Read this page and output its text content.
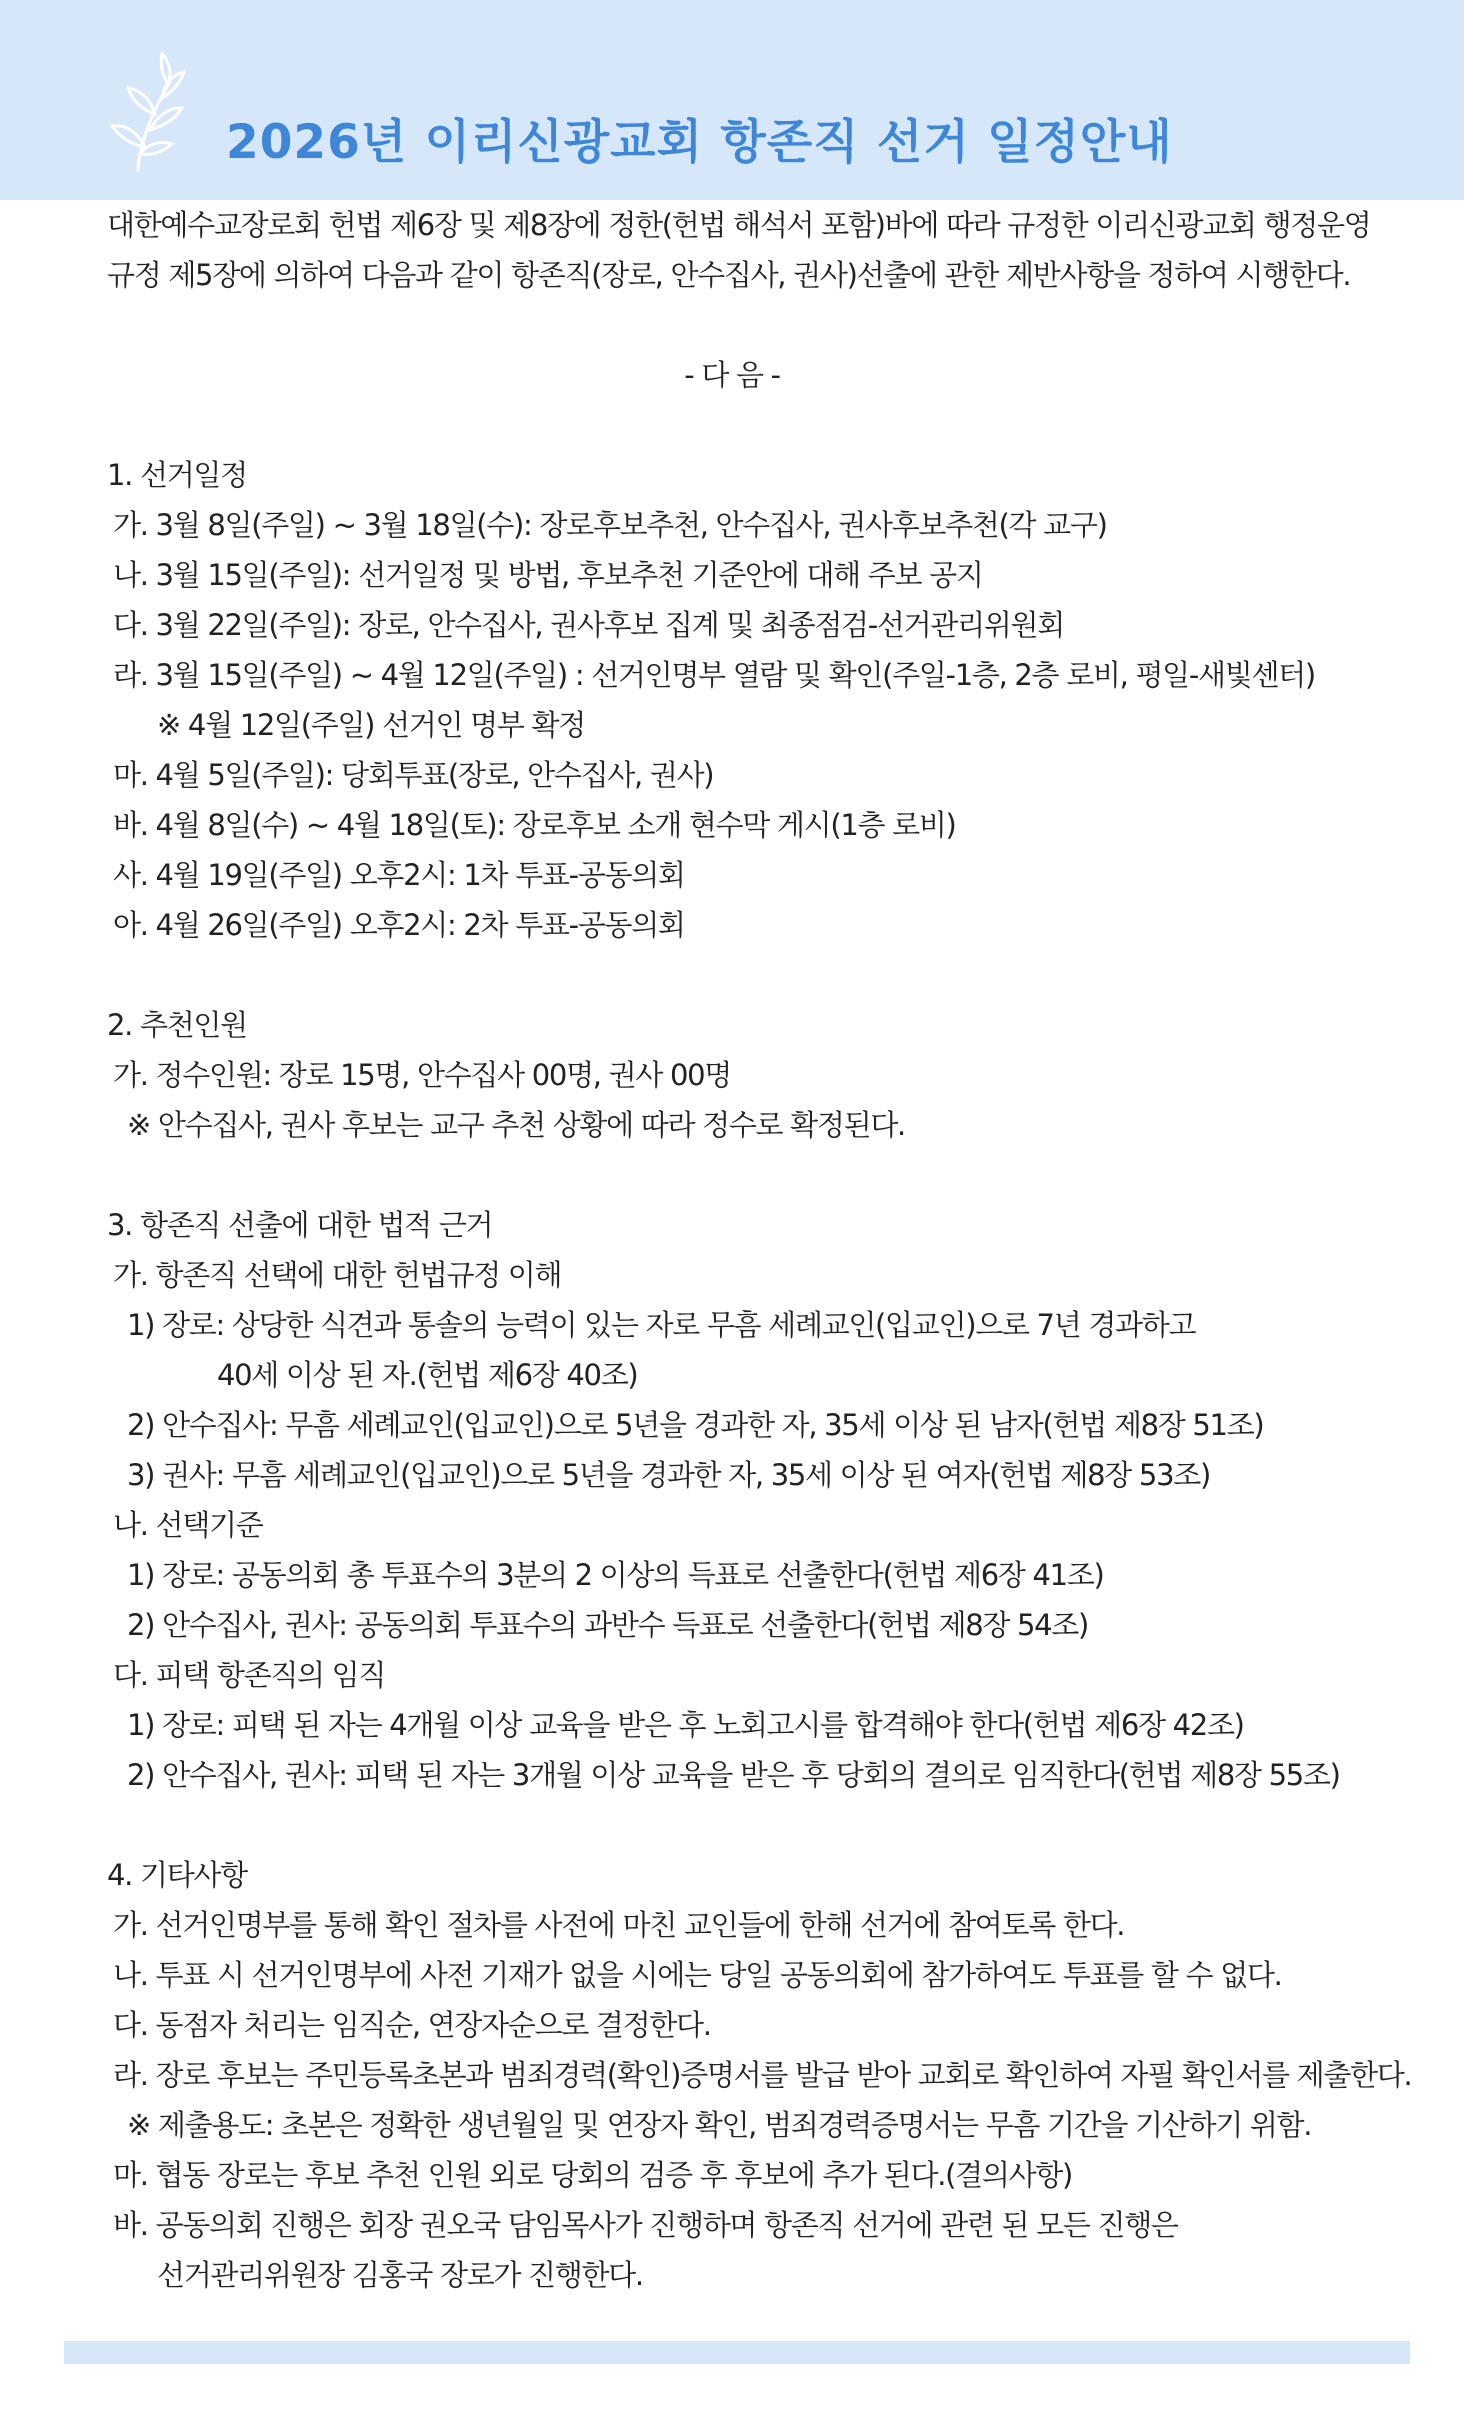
2026년 이리신광교회 항존직 선거 일정안내
대한예수교장로회 헌법 제6장 및 제8장에 정한(헌법 해석서 포함)바에 따라 규정한 이리신광교회 행정운영
규정 제5장에 의하여 다음과 같이 항존직(장로, 안수집사, 권사)선출에 관한 제반사항을 정하여 시행한다.
- 다 음 -
1. 선거일정
가. 3월 8일(주일) ~ 3월 18일(수): 장로후보추천, 안수집사, 권사후보추천(각 교구)
나. 3월 15일(주일): 선거일정 및 방법, 후보추천 기준안에 대해 주보 공지
다. 3월 22일(주일): 장로, 안수집사, 권사후보 집계 및 최종점검-선거관리위원회
라. 3월 15일(주일) ~ 4월 12일(주일) : 선거인명부 열람 및 확인(주일-1층, 2층 로비, 평일-새빛센터)
※ 4월 12일(주일) 선거인 명부 확정
마. 4월 5일(주일): 당회투표(장로, 안수집사, 권사)
바. 4월 8일(수) ~ 4월 18일(토): 장로후보 소개 현수막 게시(1층 로비)
사. 4월 19일(주일) 오후2시: 1차 투표-공동의회
아. 4월 26일(주일) 오후2시: 2차 투표-공동의회
2. 추천인원
가. 정수인원: 장로 15명, 안수집사 00명, 권사 00명
※ 안수집사, 권사 후보는 교구 추천 상황에 따라 정수로 확정된다.
3. 항존직 선출에 대한 법적 근거
가. 항존직 선택에 대한 헌법규정 이해
1) 장로: 상당한 식견과 통솔의 능력이 있는 자로 무흠 세례교인(입교인)으로 7년 경과하고
40세 이상 된 자.(헌법 제6장 40조)
2) 안수집사: 무흠 세례교인(입교인)으로 5년을 경과한 자, 35세 이상 된 남자(헌법 제8장 51조)
3) 권사: 무흠 세례교인(입교인)으로 5년을 경과한 자, 35세 이상 된 여자(헌법 제8장 53조)
나. 선택기준
1) 장로: 공동의회 총 투표수의 3분의 2 이상의 득표로 선출한다(헌법 제6장 41조)
2) 안수집사, 권사: 공동의회 투표수의 과반수 득표로 선출한다(헌법 제8장 54조)
다. 피택 항존직의 임직
1) 장로: 피택 된 자는 4개월 이상 교육을 받은 후 노회고시를 합격해야 한다(헌법 제6장 42조)
2) 안수집사, 권사: 피택 된 자는 3개월 이상 교육을 받은 후 당회의 결의로 임직한다(헌법 제8장 55조)
4. 기타사항
가. 선거인명부를 통해 확인 절차를 사전에 마친 교인들에 한해 선거에 참여토록 한다.
나. 투표 시 선거인명부에 사전 기재가 없을 시에는 당일 공동의회에 참가하여도 투표를 할 수 없다.
다. 동점자 처리는 임직순, 연장자순으로 결정한다.
라. 장로 후보는 주민등록초본과 범죄경력(확인)증명서를 발급 받아 교회로 확인하여 자필 확인서를 제출한다.
※ 제출용도: 초본은 정확한 생년월일 및 연장자 확인, 범죄경력증명서는 무흠 기간을 기산하기 위함.
마. 협동 장로는 후보 추천 인원 외로 당회의 검증 후 후보에 추가 된다.(결의사항)
바. 공동의회 진행은 회장 권오국 담임목사가 진행하며 항존직 선거에 관련 된 모든 진행은
선거관리위원장 김홍국 장로가 진행한다.
